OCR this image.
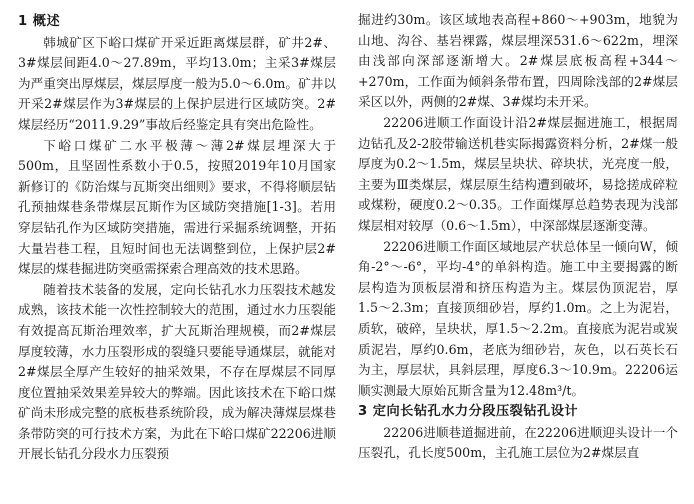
1 概述

韩城矿区下峪口煤矿开采近距离煤层群，矿井2#、3#煤层间距4.0～27.89m，平均13.0m；主采3#煤层为严重突出厚煤层，煤层厚度一般为5.0～6.0m。矿井以开采2#煤层作为3#煤层的上保护层进行区域防突。2#煤层经历“2011.9.29”事故后经鉴定具有突出危险性。

下峪口煤矿二水平极薄～薄2#煤层埋深大于500m，且坚固性系数小于0.5，按照2019年10月国家新修订的《防治煤与瓦斯突出细则》要求，不得将顺层钻孔预抽煤巷条带煤层瓦斯作为区域防突措施[1-3]。若用穿层钻孔作为区域防突措施，需进行采掘系统调整，开拓大量岩巷工程，且短时间也无法调整到位，上保护层2#煤层的煤巷掘进防突亟需探索合理高效的技术思路。

随着技术装备的发展，定向长钻孔水力压裂技术越发成熟，该技术能一次性控制较大的范围，通过水力压裂能有效提高瓦斯治理效率，扩大瓦斯治理规模，而2#煤层厚度较薄，水力压裂形成的裂缝只要能导通煤层，就能对2#煤层全厚产生较好的抽采效果，不存在厚煤层不同厚度位置抽采效果差异较大的弊端。因此该技术在下峪口煤矿尚未形成完整的底板巷系统阶段，成为解决薄煤层煤巷条带防突的可行技术方案，为此在下峪口煤矿22206进顺开展长钻孔分段水力压裂预

掘进约30m。该区域地表高程+860～+903m，地貌为山地、沟谷、基岩裸露，煤层埋深531.6～622m，埋深由浅部向深部逐渐增大。2#煤层底板高程+344～+270m，工作面为倾斜条带布置，四周除浅部的2#煤层采区以外，两侧的2#煤、3#煤均未开采。

22206进顺工作面设计沿2#煤层掘进施工，根据周边钻孔及2-2胶带输送机巷实际揭露资料分析，2#煤一般厚度为0.2～1.5m，煤层呈块状、碎块状，光亮度一般，主要为Ⅲ类煤层，煤层原生结构遭到破坏，易捻搓成碎粒或煤粉，硬度0.2～0.35。工作面煤厚总趋势表现为浅部煤层相对较厚（0.6～1.5m），中深部煤层逐渐变薄。

22206进顺工作面区域地层产状总体呈一倾向W，倾角-2°～-6°，平均-4°的单斜构造。施工中主要揭露的断层构造为顶板层滑和挤压构造为主。煤层伪顶泥岩，厚1.5～2.3m；直接顶细砂岩，厚约1.0m。之上为泥岩，质软，破碎，呈块状，厚1.5～2.2m。直接底为泥岩或炭质泥岩，厚约0.6m，老底为细砂岩，灰色，以石英长石为主，厚层状，具斜层理，厚度6.3～10.9m。22206运顺实测最大原始瓦斯含量为12.48m³/t。

3 定向长钻孔水力分段压裂钻孔设计

22206进顺巷道掘进前，在22206进顺迎头设计一个压裂孔，孔长度500m，主孔施工层位为2#煤层直
